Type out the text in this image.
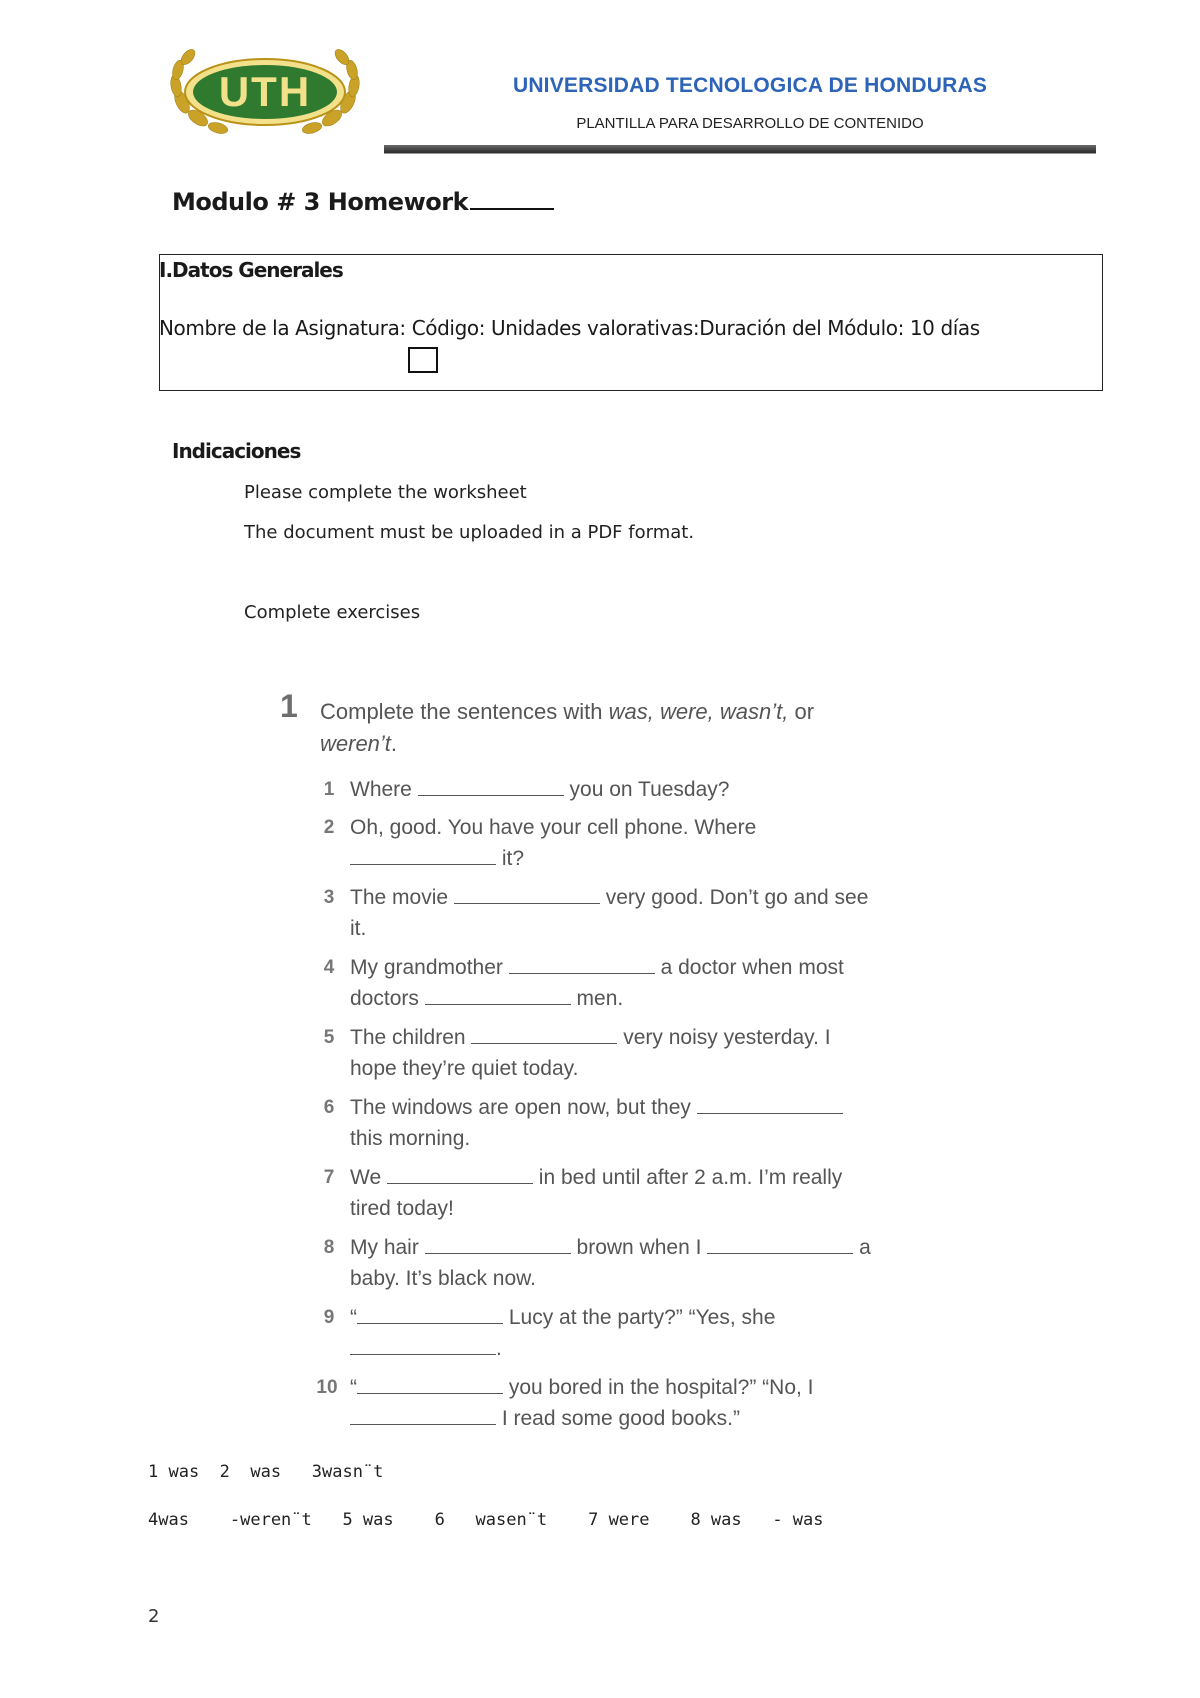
UTH	UNIVERSIDAD TECNOLOGICA DE HONDURAS
PLANTILLA PARA DESARROLLO DE CONTENIDO
Modulo # 3 Homework
I.Datos Generales
Nombre de la Asignatura: Código: Unidades valorativas:Duración del Módulo: 10 días
Indicaciones
Please complete the worksheet
The document must be uploaded in a PDF format.
Complete exercises
1 Complete the sentences with was, were, wasn’t, or
weren’t.
1 Where	you on Tuesday?
2 Oh, good. You have your cell phone. Where
it?
3 The movie	very good. Don’t go and see
it.
4 My grandmother	a doctor when most
doctors	men.
5 The children	very noisy yesterday. I
hope they’re quiet today.
6 The windows are open now, but they
this morning.
7 We	in bed until after 2 a.m. I’m really
tired today!
8 My hair	brown when I	a
baby. It’s black now.
9 “	Lucy at the party?” “Yes, she
.
10 “	you bored in the hospital?” “No, I
I read some good books.”
1 was  2  was   3wasn¨t
4was    -weren¨t   5 was    6   wasen¨t    7 were    8 was   - was
2
